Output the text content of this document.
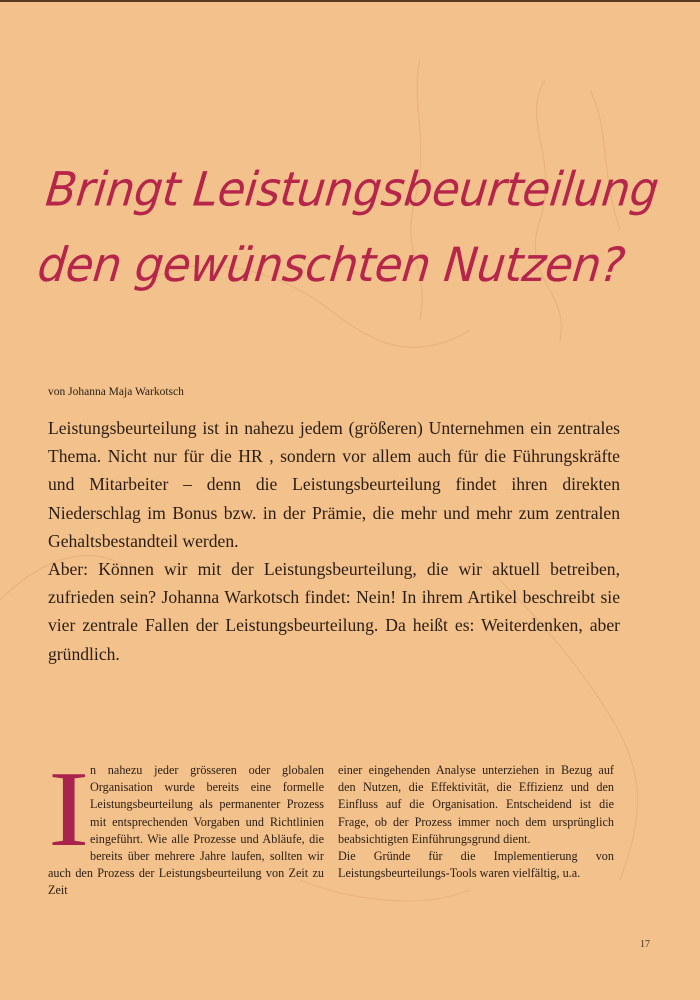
Bringt Leistungsbeurteilung
den gewünschten Nutzen?

von Johanna Maja Warkotsch

Leistungsbeurteilung ist in nahezu jedem (größeren) Unternehmen ein zentrales Thema. Nicht nur für die HR , sondern vor allem auch für die Führungskräfte und Mitarbeiter – denn die Leistungsbeurteilung findet ihren direkten Niederschlag im Bonus bzw. in der Prämie, die mehr und mehr zum zentralen Gehaltsbestandteil werden.

Aber: Können wir mit der Leistungsbeurteilung, die wir aktuell betreiben, zufrieden sein? Johanna Warkotsch findet: Nein! In ihrem Artikel beschreibt sie vier zentrale Fallen der Leistungsbeurteilung. Da heißt es: Weiterdenken, aber gründlich.

In nahezu jeder grösseren oder globalen Organisation wurde bereits eine formelle Leistungsbeurteilung als permanenter Prozess mit entsprechenden Vorgaben und Richtlinien eingeführt. Wie alle Prozesse und Abläufe, die bereits über mehrere Jahre laufen, sollten wir auch den Prozess der Leistungsbeurteilung von Zeit zu Zeit

einer eingehenden Analyse unterziehen in Bezug auf den Nutzen, die Effektivität, die Effizienz und den Einfluss auf die Organisation. Entscheidend ist die Frage, ob der Prozess immer noch dem ursprünglich beabsichtigten Einführungsgrund dient.

Die Gründe für die Implementierung von Leistungsbeurteilungs-Tools waren vielfältig, u.a.

17
